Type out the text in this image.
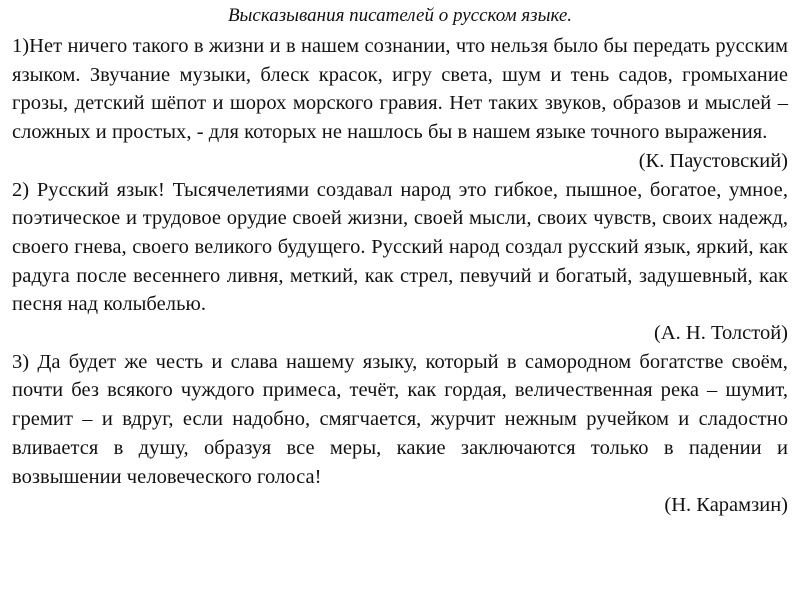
Высказывания писателей о русском языке.

1)Нет ничего такого в жизни и в нашем сознании, что нельзя было бы передать русским языком. Звучание музыки, блеск красок, игру света, шум и тень садов, громыхание грозы, детский шёпот и шорох морского гравия. Нет таких звуков, образов и мыслей – сложных и простых, - для которых не нашлось бы в нашем языке точного выражения.

(К. Паустовский)

2) Русский язык! Тысячелетиями создавал народ это гибкое, пышное, богатое, умное, поэтическое и трудовое орудие своей жизни, своей мысли, своих чувств, своих надежд, своего гнева, своего великого будущего. Русский народ создал русский язык, яркий, как радуга после весеннего ливня, меткий, как стрел, певучий и богатый, задушевный, как песня над колыбелью.

(А. Н. Толстой)

3) Да будет же честь и слава нашему языку, который в самородном богатстве своём, почти без всякого чуждого примеса, течёт, как гордая, величественная река – шумит, гремит – и вдруг, если надобно, смягчается, журчит нежным ручейком и сладостно вливается в душу, образуя все меры, какие заключаются только в падении и возвышении человеческого голоса!

(Н. Карамзин)
